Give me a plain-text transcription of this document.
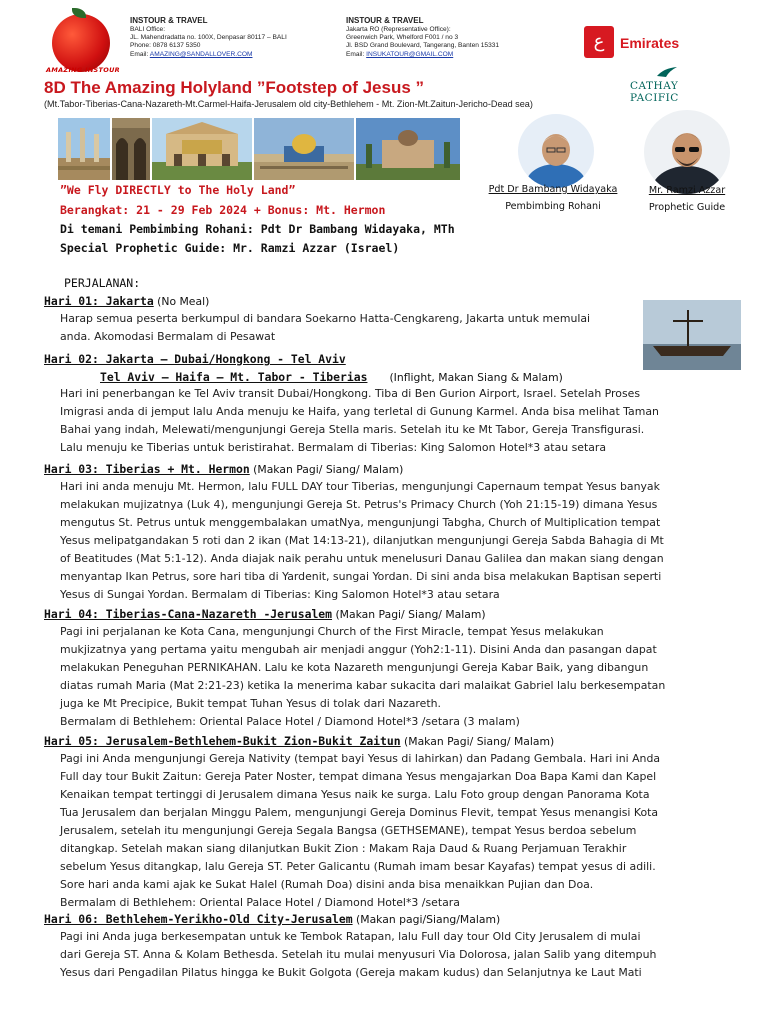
AMAZING INSTOUR
INSTOUR & TRAVEL
BALI Office:
JL. Mahendradatta no. 100X, Denpasar 80117 – BALI
Phone: 0878 6137 5350
Email: AMAZING@SANDALLOVER.COM
INSTOUR & TRAVEL
Jakarta RO (Representative Office):
Greenwich Park, Whelford F001 / no 3
Jl. BSD Grand Boulevard, Tangerang, Banten 15331
Email: INSUKATOUR@GMAIL.COM
ع	Emirates
CATHAY PACIFIC
8D The Amazing Holyland ”Footstep of Jesus ”
(Mt.Tabor-Tiberias-Cana-Nazareth-Mt.Carmel-Haifa-Jerusalem old city-Bethlehem - Mt. Zion-Mt.Zaitun-Jericho-Dead sea)
”We Fly DIRECTLY to The Holy Land”
Berangkat: 21 - 29 Feb 2024 + Bonus: Mt. Hermon
Di temani Pembimbing Rohani: Pdt Dr Bambang Widayaka, MTh
Special Prophetic Guide: Mr. Ramzi Azzar (Israel)
Pdt Dr Bambang Widayaka
Pembimbing Rohani
Mr. Ramzi Azzar
Prophetic Guide
PERJALANAN:
Hari 01: Jakarta (No Meal)
Harap semua peserta berkumpul di bandara Soekarno Hatta-Cengkareng, Jakarta untuk memulai
anda. Akomodasi Bermalam di Pesawat
Hari 02: Jakarta – Dubai/Hongkong - Tel Aviv
Tel Aviv – Haifa – Mt. Tabor - Tiberias (Inflight, Makan Siang & Malam)
Hari ini penerbangan ke Tel Aviv transit Dubai/Hongkong. Tiba di Ben Gurion Airport, Israel. Setelah Proses
Imigrasi anda di jemput lalu Anda menuju ke Haifa, yang terletal di Gunung Karmel. Anda bisa melihat Taman
Bahai yang indah, Melewati/mengunjungi Gereja Stella maris. Setelah itu ke Mt Tabor, Gereja Transfigurasi.
Lalu menuju ke Tiberias untuk beristirahat. Bermalam di Tiberias: King Salomon Hotel*3 atau setara
Hari 03: Tiberias + Mt. Hermon (Makan Pagi/ Siang/ Malam)
Hari ini anda menuju Mt. Hermon, lalu FULL DAY tour Tiberias, mengunjungi Capernaum tempat Yesus banyak
melakukan mujizatnya (Luk 4), mengunjungi Gereja St. Petrus's Primacy Church (Yoh 21:15-19) dimana Yesus
mengutus St. Petrus untuk menggembalakan umatNya, mengunjungi Tabgha, Church of Multiplication tempat
Yesus melipatgandakan 5 roti dan 2 ikan (Mat 14:13-21), dilanjutkan mengunjungi Gereja Sabda Bahagia di Mt
of Beatitudes (Mat 5:1-12). Anda diajak naik perahu untuk menelusuri Danau Galilea dan makan siang dengan
menyantap Ikan Petrus, sore hari tiba di Yardenit, sungai Yordan. Di sini anda bisa melakukan Baptisan seperti
Yesus di Sungai Yordan. Bermalam di Tiberias: King Salomon Hotel*3 atau setara
Hari 04: Tiberias-Cana-Nazareth -Jerusalem (Makan Pagi/ Siang/ Malam)
Pagi ini perjalanan ke Kota Cana, mengunjungi Church of the First Miracle, tempat Yesus melakukan
mukjizatnya yang pertama yaitu mengubah air menjadi anggur (Yoh2:1-11). Disini Anda dan pasangan dapat
melakukan Peneguhan PERNIKAHAN. Lalu ke kota Nazareth mengunjungi Gereja Kabar Baik, yang dibangun
diatas rumah Maria (Mat 2:21-23) ketika Ia menerima kabar sukacita dari malaikat Gabriel lalu berkesempatan
juga ke Mt Precipice, Bukit tempat Tuhan Yesus di tolak dari Nazareth.
Bermalam di Bethlehem: Oriental Palace Hotel / Diamond Hotel*3 /setara (3 malam)
Hari 05: Jerusalem-Bethlehem-Bukit Zion-Bukit Zaitun (Makan Pagi/ Siang/ Malam)
Pagi ini Anda mengunjungi Gereja Nativity (tempat bayi Yesus di lahirkan) dan Padang Gembala. Hari ini Anda
Full day tour Bukit Zaitun: Gereja Pater Noster, tempat dimana Yesus mengajarkan Doa Bapa Kami dan Kapel
Kenaikan tempat tertinggi di Jerusalem dimana Yesus naik ke surga. Lalu Foto group dengan Panorama Kota
Tua Jerusalem dan berjalan Minggu Palem, mengunjungi Gereja Dominus Flevit, tempat Yesus menangisi Kota
Jerusalem, setelah itu mengunjungi Gereja Segala Bangsa (GETHSEMANE), tempat Yesus berdoa sebelum
ditangkap. Setelah makan siang dilanjutkan Bukit Zion : Makam Raja Daud & Ruang Perjamuan Terakhir
sebelum Yesus ditangkap, lalu Gereja ST. Peter Galicantu (Rumah imam besar Kayafas) tempat yesus di adili.
Sore hari anda kami ajak ke Sukat Halel (Rumah Doa) disini anda bisa menaikkan Pujian dan Doa.
Bermalam di Bethlehem: Oriental Palace Hotel / Diamond Hotel*3 /setara
Hari 06: Bethlehem-Yerikho-Old City-Jerusalem (Makan pagi/Siang/Malam)
Pagi ini Anda juga berkesempatan untuk ke Tembok Ratapan, lalu Full day tour Old City Jerusalem di mulai
dari Gereja ST. Anna & Kolam Bethesda. Setelah itu mulai menyusuri Via Dolorosa, jalan Salib yang ditempuh
Yesus dari Pengadilan Pilatus hingga ke Bukit Golgota (Gereja makam kudus) dan Selanjutnya ke Laut Mati
